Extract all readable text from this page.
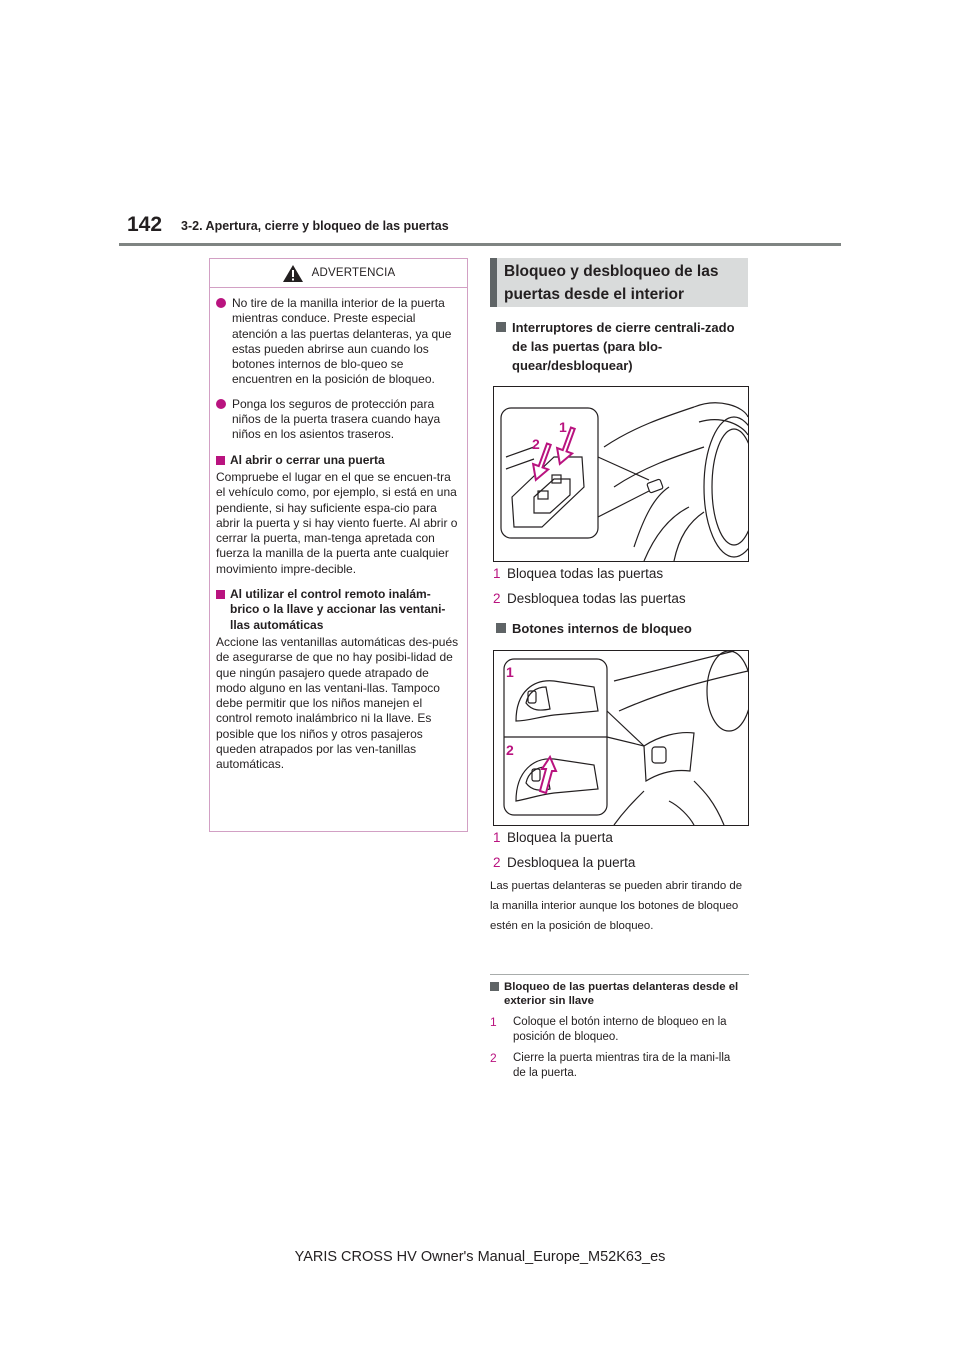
142 3-2. Apertura, cierre y bloqueo de las puertas
ADVERTENCIA
No tire de la manilla interior de la puerta mientras conduce. Preste especial atención a las puertas delanteras, ya que estas pueden abrirse aun cuando los botones internos de blo-queo se encuentren en la posición de bloqueo.
Ponga los seguros de protección para niños de la puerta trasera cuando haya niños en los asientos traseros.
Al abrir o cerrar una puerta
Compruebe el lugar en el que se encuen-tra el vehículo como, por ejemplo, si está en una pendiente, si hay suficiente espa-cio para abrir la puerta y si hay viento fuerte. Al abrir o cerrar la puerta, man-tenga apretada con fuerza la manilla de la puerta ante cualquier movimiento impre-decible.
Al utilizar el control remoto inalám-brico o la llave y accionar las ventani-llas automáticas
Accione las ventanillas automáticas des-pués de asegurarse de que no hay posibi-lidad de que ningún pasajero quede atrapado de modo alguno en las ventani-llas. Tampoco debe permitir que los niños manejen el control remoto inalámbrico ni la llave. Es posible que los niños y otros pasajeros queden atrapados por las ven-tanillas automáticas.
Bloqueo y desbloqueo de las puertas desde el interior
Interruptores de cierre centrali-zado de las puertas (para blo-quear/desbloquear)
1
2
1 Bloquea todas las puertas
2 Desbloquea todas las puertas
Botones internos de bloqueo
1
2
1 Bloquea la puerta
2 Desbloquea la puerta
Las puertas delanteras se pueden abrir tirando de la manilla interior aunque los botones de bloqueo estén en la posición de bloqueo.
Bloqueo de las puertas delanteras desde el exterior sin llave
1	Coloque el botón interno de bloqueo en la posición de bloqueo.
2	Cierre la puerta mientras tira de la mani-lla de la puerta.
YARIS CROSS HV Owner's Manual_Europe_M52K63_es
